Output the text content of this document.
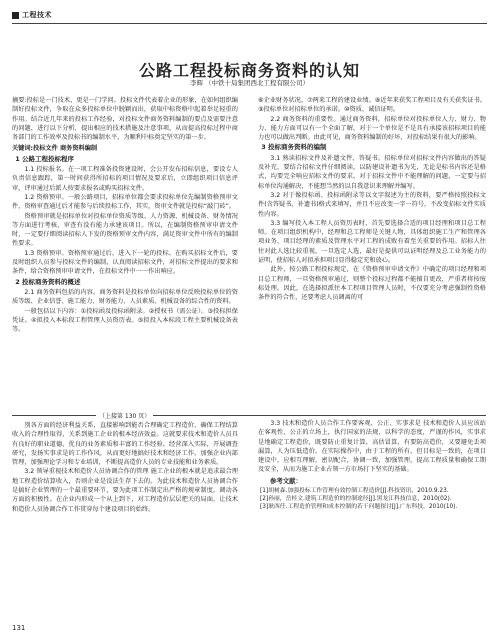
工程技术
公路工程投标商务资料的认知
李辉 （中铁十局集团西北工程有限公司）

摘要:投标是一门技术，更是一门学问。投标文件代表着企业的形象，在如何组织编制好投标文件，争取在众多投标单位中脱颖而出，获取中标资格中起着举足轻重的作用。结合近几年来的投标工作经验，对投标文件商务资料编制的要点及需要注意的问题，进行以下分析，提出相应的技术措施及注意事项，从而提高投标过程中商务部门的工作效率及投标书的编制水平，为顺利中标奠定坚实的第一步。

关键词:投标文件 商务资料编制

1 公路工程投标程序

1.1 投标报名。在一项工程准备投资建设时，会公开发布招标信息，要设专人负责信息跟踪，第一时间获得所招标的项目情况及要求后，立即组织项目信息评审，评审通过后派人按要求报名或购买招标文件。

1.2 资格预审。一般公路项目，招标单位都会要求投标单位先编制资格预审文件，资格审查通过后才能参与后续投标工作，其实，资审文件就是投标“敲门砖”。

资格预审就是招标单位对投标单位资质等级、人力资源、机械设备、财务情况等方面进行考核，审查有没有能力承建该项目。所以，在编制资格预审申请文件时，一定要仔细阅读招标人下发的资格预审文件内容，满足资审文件中所有的编制性要求。

1.3 资格预审。资格预审通过后，进入下一轮的投标。在购买招标文件后，要及时组织人员参与投标文件的编制，认真阅读招标文件，对招标文件提出的要求和条件，给合资格预审申请文件，在投标文件中一一作出响应。

2 投标商务资料的概述

2.1 商务资料包括的内容。商务资料是投标单位向招标单位反映投标单位的资质等级、企业信誉、施工能力、财务能力、人员素质、机械设备的综合性的资料。

一般包括以下内容：①投标函及投标函附录。②授权书（需公证）。③投标担保凭证。④拟投入本标段工程管理人员资历表。⑤拟投入本标段工程主要机械设备表等。

（上接第 130 页）

别各方面的经济利益关系，直接影响到能否合理确定工程造价，确保工程结算收入的合理性取得，关系到施工企业的根本经济效益。这就要求技术和造价人员具有良好的职业道德、优良的业务素质和丰富的工作经验。经营深入实际，开展调查研究，发扬实事求是的工作作风，从而更好地搞好技术和经济工作。加强企业内部管理，加强理论学习和专业培训，不断提高造价人员的专业技能和业务素质。

3.2 领导重视技术和造价人员协调合作的管理 施工企业的根本就是追求最合理地工程造价结算收入，否则企业是没法生存下去的。为此技术和造价人员协调合作是搞好企业管理的一个最重要环节，要为此项工作制定出严格的规章制度，调动各方面的积极性。在企业内形成一个从上到下，对工程造价层层把关的局面，让技术和造价人员协调合作工作贯穿每个建设项目的始终。

⑥企业财务状况。⑦两来工程的建设业绩。⑧近年来获奖工程项目及有关获奖证书。⑨投标单位对招标单位的承诺。⑩资质、诚信证明。

2.2 商务资料的重要性。通过商务资料，招标单位对投标单位人力、财力、物力、能力方面可以有一个全面了解，对于一个单位是不是具有承接该招标项目的能力也可以做出判断。由此可见，商务资料编制的好坏，对投标结果有很大的影响。

3 投标商务资料的编制

3.1 熟读招标文件及补遗文件、答疑书。招标单位对招标文件内容做出的答疑及补充，要结合招标文件仔细阅读，以防建设补遗书为先，无论是标书内容还是格式，均要完全响应招标文件的要求。对于招标文件中不能理解的问题，一定要与招标单位沟通解决，不能想当然的以自我意识来理解并编写。

3.2 对于像投标函、投标函附录等以文字叙述为主的资料，要严格按照投标文件(含答疑书、补遗书)格式来填写，并且不应改变一字一符号，不改变招标文件实质性内容。

3.3 编写投入本工程人员资历表时，首先要选择合适的项目经理和项目总工程师。在项目组织机构中，经理和总工程师是关键人物，具体组织施工生产和管理各项业务，项目经理的素质及管理水平对工程的成败有着至关重要的作用。招标人往往对此人选比较重视，一旦选定人选，最好是提供可以证明经理及总工业务能力的证明，使招标人对拟承担项目显得稳定充和放心。

此外，按公路工程投标规定，在《资格预审申请文件》中确定的项目经理和项目总工程师，一旦资格预审通过，则整个投标过程都不能擅自更改，严重者将按废标处理。因此，在选择拟派往本工程项目管理人员时，不仅要充分考虑强制性资格条件的符合性，还要考虑人员调离的可

3.3 技术和造价人员合作工作要客观、公正、实事求是 技术和造价人员应该站在客观性、公正的立场上，执行国家的法规，以科学的态度，严谨的作风，实事求是地确定工程造价，既要防止重复计算，高估冒算，有要防高造价，又要避免丢项漏算，人为压低造价。在实际操作中，由于工程的所有，但目标是一致的，在项目建设中，应相互理解，密切配合，协调一致，加强管理，提高工程质量和确保工期及安全，从而为施工企业占领一方市场打下坚实的基础。

参考文献：
[1]胡树森.加强投标工作管理有效控制工程造价[J].科技资讯，2010.9.23.
[2]孙丽，岳桂文.建筑工程造价的控制途径[J].黑龙江科技信息，2010(02).
[3]耿西任.工程造价管理和成本控制的若干问题探讨[J].广东科技，2010(10).
131
